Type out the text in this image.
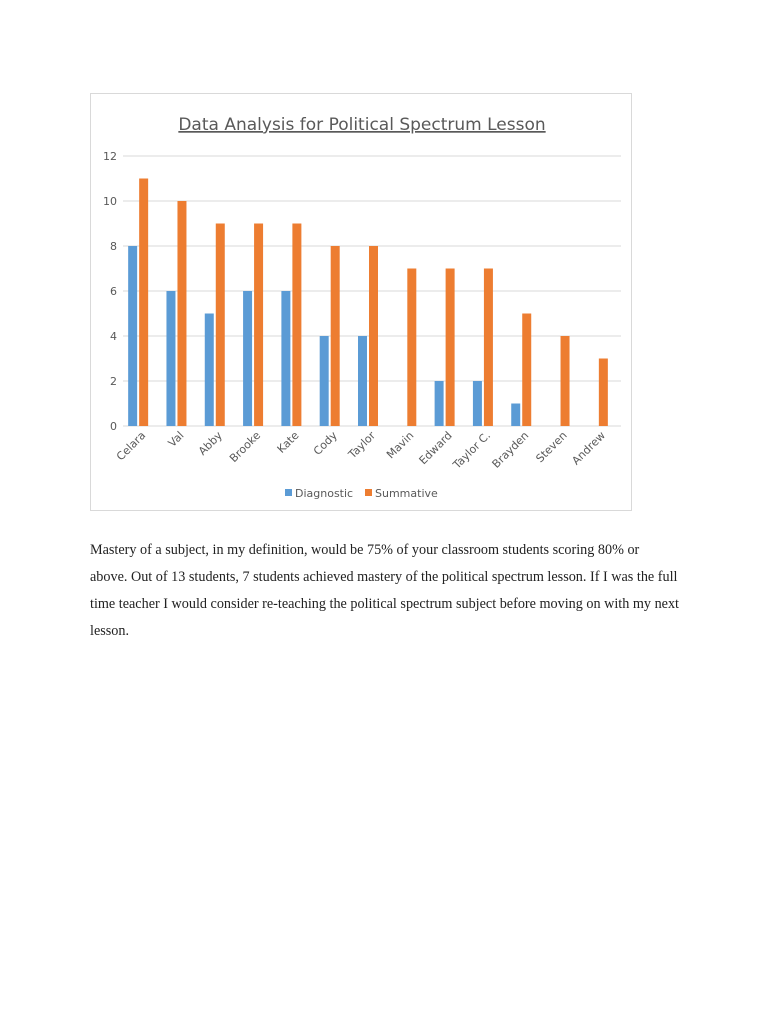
Data Analysis for Political Spectrum Lesson
0
2
4
6
8
10
12
Celara Val Abby Brooke Kate Cody Taylor Mavin Edward
Taylor C.
Brayden Steven Andrew
Diagnostic Summative

Mastery of a subject, in my definition, would be 75% of your classroom students scoring 80% or above. Out of 13 students, 7 students achieved mastery of the political spectrum lesson. If I was the full time teacher I would consider re-teaching the political spectrum subject before moving on with my next lesson.
